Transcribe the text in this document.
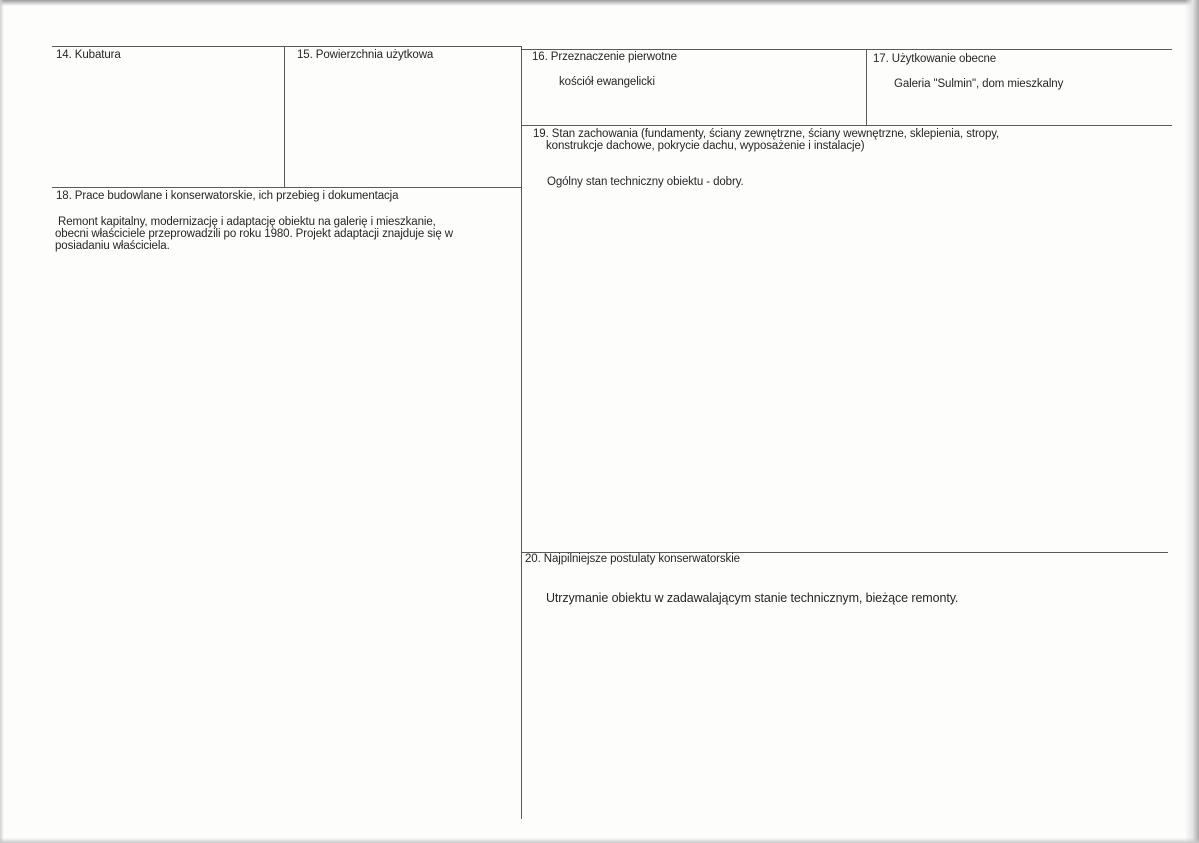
14. Kubatura	15. Powierzchnia użytkowa	16. Przeznaczenie pierwotne
kościół ewangelicki
17. Użytkowanie obecne
Galeria "Sulmin", dom mieszkalny
19. Stan zachowania (fundamenty, ściany zewnętrzne, ściany wewnętrzne, sklepienia, stropy,
konstrukcje dachowe, pokrycie dachu, wyposażenie i instalacje)
Ogólny stan techniczny obiektu - dobry.
18. Prace budowlane i konserwatorskie, ich przebieg i dokumentacja
Remont kapitalny, modernizację i adaptację obiektu na galerię i mieszkanie,
obecni właściciele przeprowadzili po roku 1980. Projekt adaptacji znajduje się w
posiadaniu właściciela.
20. Najpilniejsze postulaty konserwatorskie
Utrzymanie obiektu w zadawalającym stanie technicznym, bieżące remonty.
